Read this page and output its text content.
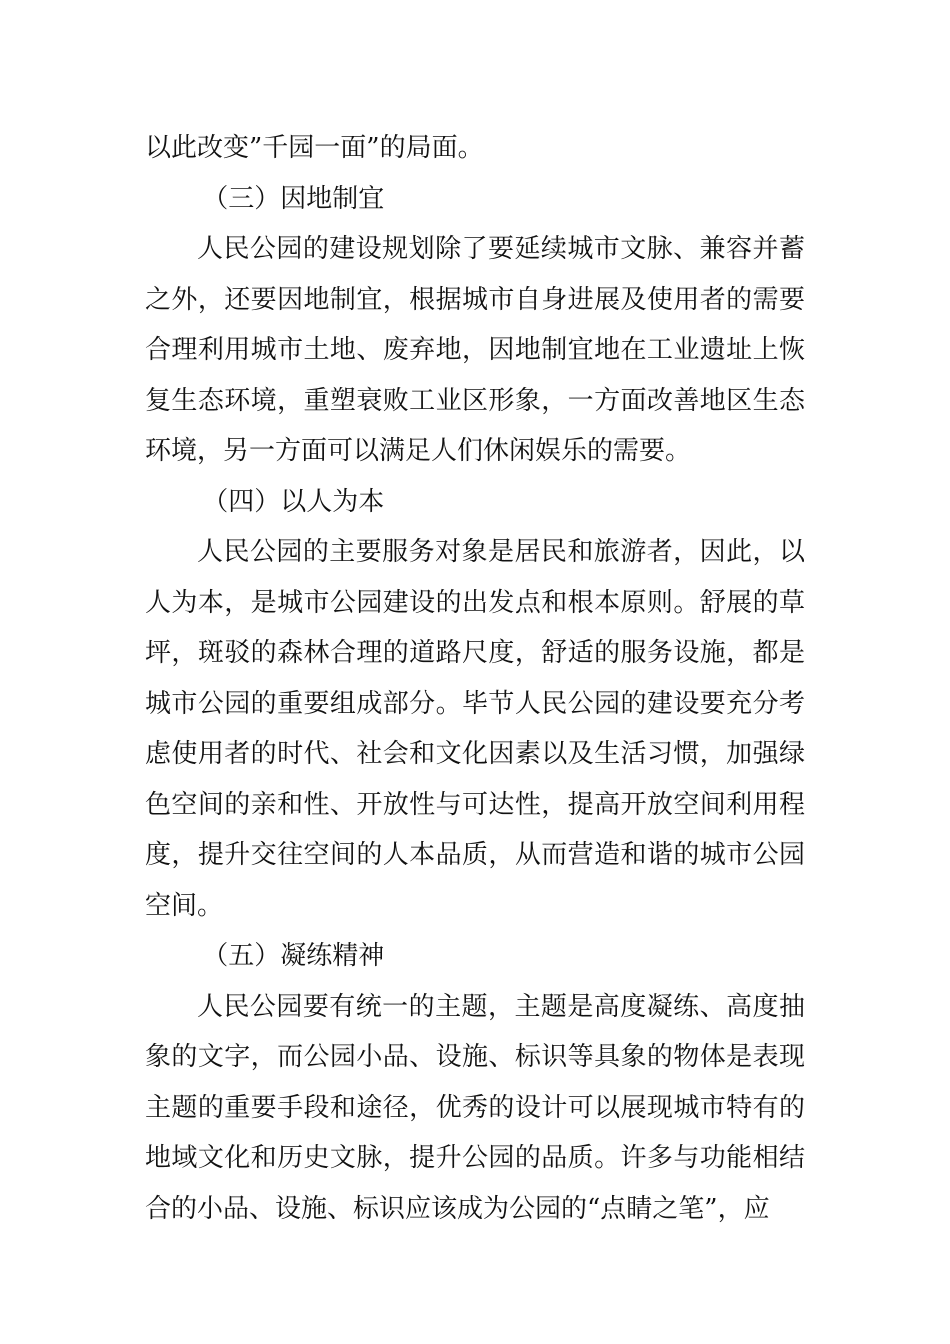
以此改变”千园一面”的局面。

（三）因地制宜

人民公园的建设规划除了要延续城市文脉、兼容并蓄之外，还要因地制宜，根据城市自身进展及使用者的需要合理利用城市土地、废弃地，因地制宜地在工业遗址上恢复生态环境，重塑衰败工业区形象，一方面改善地区生态环境，另一方面可以满足人们休闲娱乐的需要。

（四）以人为本

人民公园的主要服务对象是居民和旅游者，因此，以人为本，是城市公园建设的出发点和根本原则。舒展的草坪，斑驳的森林合理的道路尺度，舒适的服务设施，都是城市公园的重要组成部分。毕节人民公园的建设要充分考虑使用者的时代、社会和文化因素以及生活习惯，加强绿色空间的亲和性、开放性与可达性，提高开放空间利用程度，提升交往空间的人本品质，从而营造和谐的城市公园空间。

（五）凝练精神

人民公园要有统一的主题，主题是高度凝练、高度抽象的文字，而公园小品、设施、标识等具象的物体是表现主题的重要手段和途径，优秀的设计可以展现城市特有的地域文化和历史文脉，提升公园的品质。许多与功能相结合的小品、设施、标识应该成为公园的“点睛之笔”，应
